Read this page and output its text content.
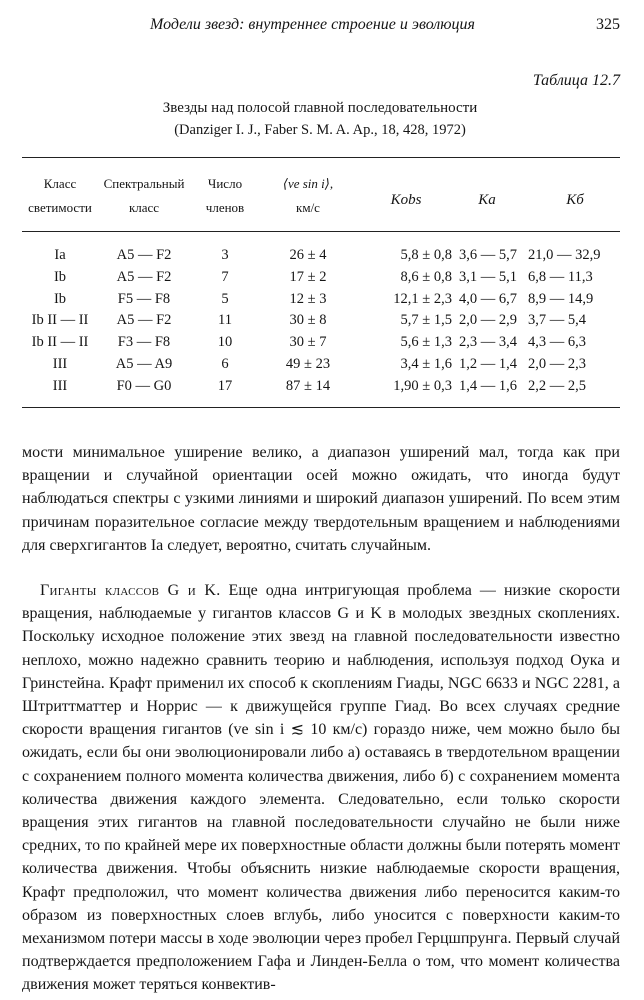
Модели звезд: внутреннее строение и эволюция	325
Таблица 12.7
Звезды над полосой главной последовательности
(Danziger I. J., Faber S. M. A. Ap., 18, 428, 1972)
Класс
светимости
Спектральный
класс
Число
членов
⟨ve sin i⟩,
км/с	Kobs	Ka	Kб
Ia	A5 — F2	3	26 ± 4	5,8 ± 0,8 3,6 — 5,7 21,0 — 32,9
Ib	A5 — F2	7	17 ± 2	8,6 ± 0,8 3,1 — 5,1 6,8 — 11,3
Ib	F5 — F8	5	12 ± 3	12,1 ± 2,3 4,0 — 6,7 8,9 — 14,9
Ib II — II	A5 — F2	11	30 ± 8	5,7 ± 1,5 2,0 — 2,9 3,7 — 5,4
Ib II — II	F3 — F8	10	30 ± 7	5,6 ± 1,3 2,3 — 3,4 4,3 — 6,3
III	A5 — A9	6	49 ± 23	3,4 ± 1,6 1,2 — 1,4 2,0 — 2,3
III	F0 — G0	17	87 ± 14	1,90 ± 0,3 1,4 — 1,6 2,2 — 2,5

мости минимальное уширение велико, а диапазон уширений мал, тогда как при вращении и случайной ориентации осей можно ожидать, что иногда будут наблюдаться спектры с узкими линиями и широкий диапазон уширений. По всем этим причинам поразительное согласие между твердотельным вращением и наблюдениями для сверхгигантов Ia следует, вероятно, считать случайным.

Гиганты классов G и K. Еще одна интригующая проблема — низкие скорости вращения, наблюдаемые у гигантов классов G и K в молодых звездных скоплениях. Поскольку исходное положение этих звезд на главной последовательности известно неплохо, можно надежно сравнить теорию и наблюдения, используя подход Оука и Гринстейна. Крафт применил их способ к скоплениям Гиады, NGC 6633 и NGC 2281, а Штриттматтер и Норрис — к движущейся группе Гиад. Во всех случаях средние скорости вращения гигантов (ve sin i ≲ 10 км/с) гораздо ниже, чем можно было бы ожидать, если бы они эволюционировали либо а) оставаясь в твердотельном вращении с сохранением полного момента количества движения, либо б) с сохранением момента количества движения каждого элемента. Следовательно, если только скорости вращения этих гигантов на главной последовательности случайно не были ниже средних, то по крайней мере их поверхностные области должны были потерять момент количества движения. Чтобы объяснить низкие наблюдаемые скорости вращения, Крафт предположил, что момент количества движения либо переносится каким-то образом из поверхностных слоев вглубь, либо уносится с поверхности каким-то механизмом потери массы в ходе эволюции через пробел Герцшпрунга. Первый случай подтверждается предположением Гафа и Линден-Белла о том, что момент количества движения может теряться конвектив-
